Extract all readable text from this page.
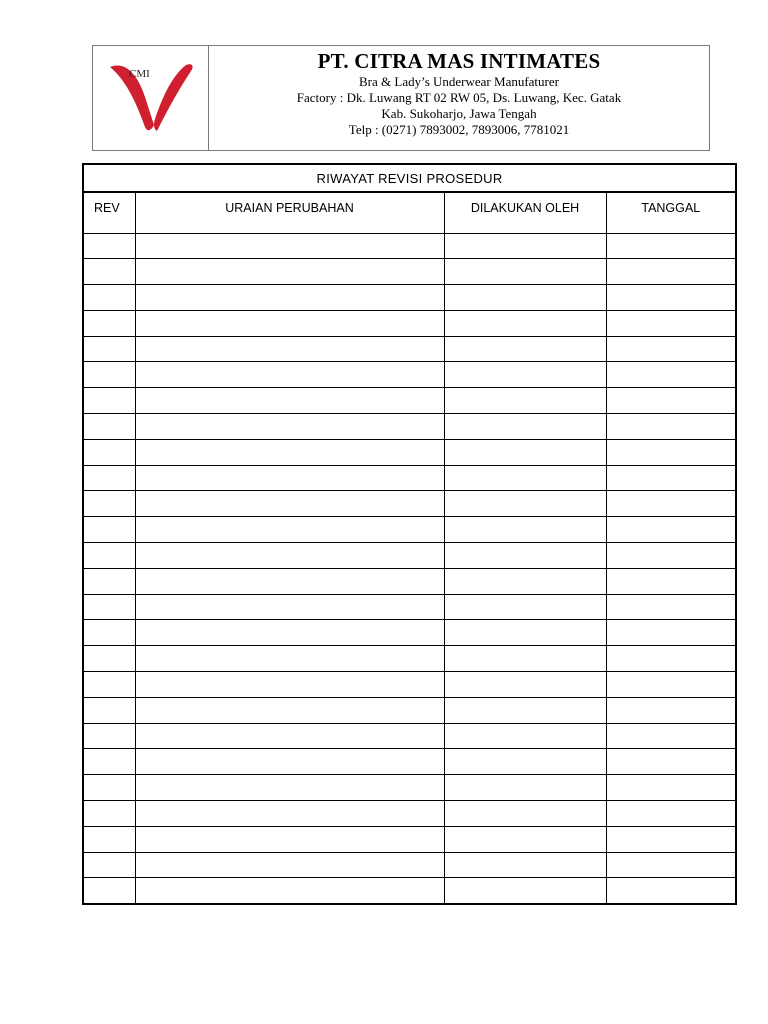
CMI
PT. CITRA MAS INTIMATES
Bra & Lady’s Underwear Manufaturer
Factory : Dk. Luwang RT 02 RW 05, Ds. Luwang, Kec. Gatak
Kab. Sukoharjo, Jawa Tengah
Telp : (0271) 7893002, 7893006, 7781021
RIWAYAT REVISI PROSEDUR			
REV	URAIAN PERUBAHAN	DILAKUKAN OLEH	TANGGAL
